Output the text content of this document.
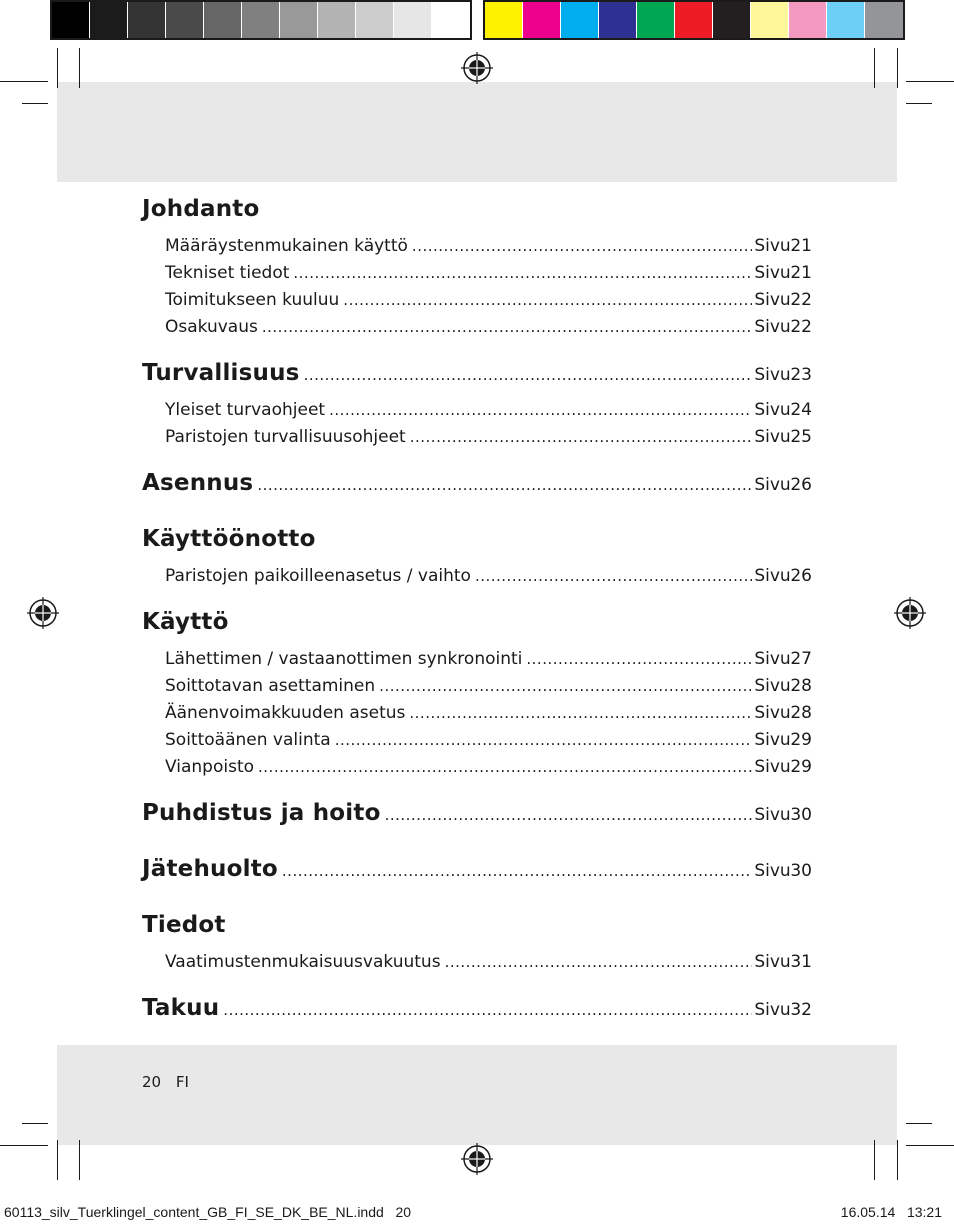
Johdanto
Määräystenmukainen käyttö .....	Sivu 21
Tekniset tiedot .....	Sivu 21
Toimitukseen kuuluu .....	Sivu 22
Osakuvaus .....	Sivu 22
Turvallisuus .....	Sivu 23
Yleiset turvaohjeet .....	Sivu 24
Paristojen turvallisuusohjeet .....	Sivu 25
Asennus .....	Sivu 26
Käyttöönotto
Paristojen paikoilleenasetus / vaihto .....	Sivu 26
Käyttö
Lähettimen / vastaanottimen synkronointi .....	Sivu 27
Soittotavan asettaminen .....	Sivu 28
Äänenvoimakkuuden asetus .....	Sivu 28
Soittoäänen valinta .....	Sivu 29
Vianpoisto .....	Sivu 29
Puhdistus ja hoito .....	Sivu 30
Jätehuolto .....	Sivu 30
Tiedot
Vaatimustenmukaisuusvakuutus .....	Sivu 31
Takuu .....	Sivu 32
20 FI
60113_silv_Tuerklingel_content_GB_FI_SE_DK_BE_NL.indd   20	16.05.14   13:21
